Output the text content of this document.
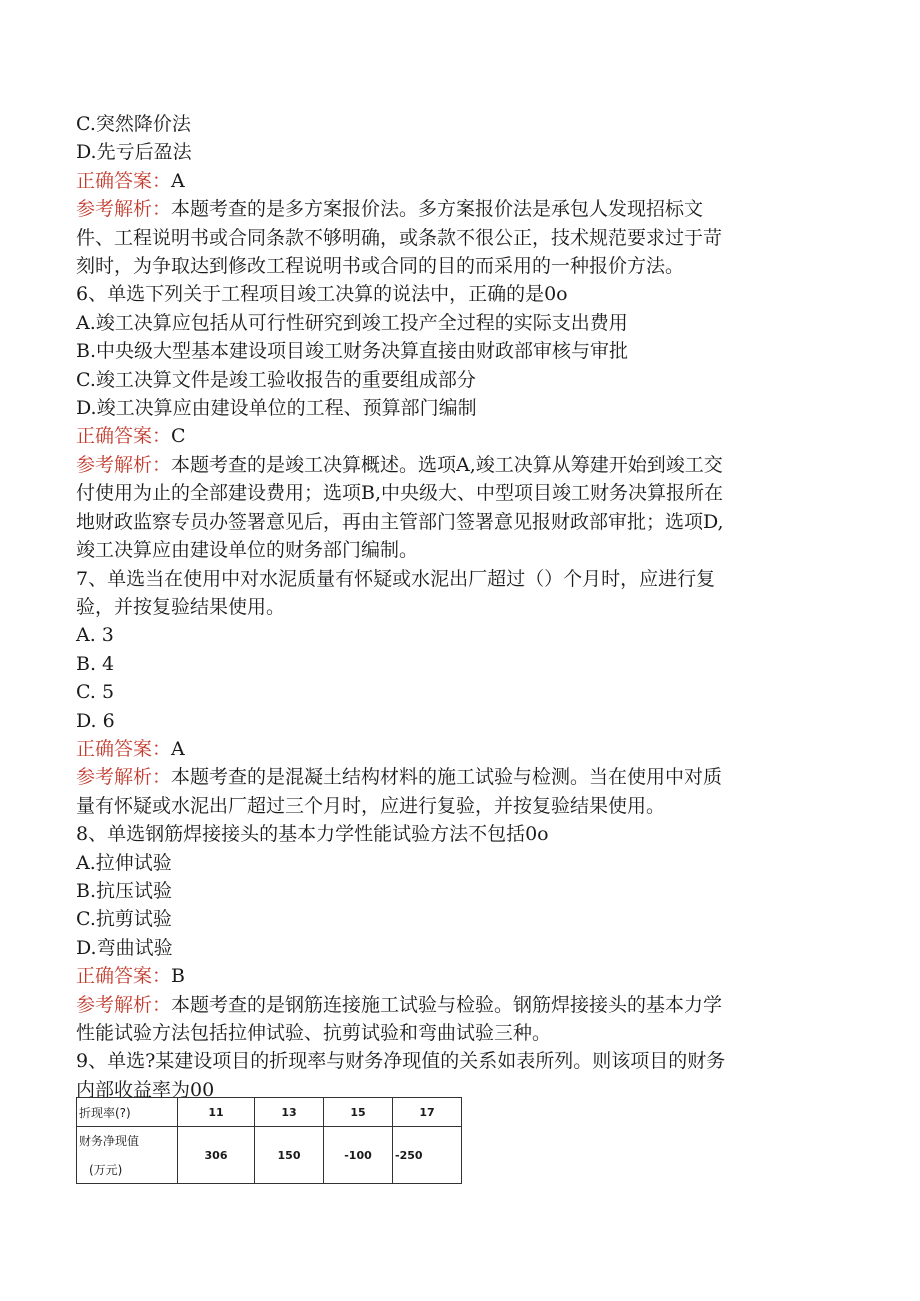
C.突然降价法
D.先亏后盈法
正确答案：A
参考解析：本题考查的是多方案报价法。多方案报价法是承包人发现招标文
件、工程说明书或合同条款不够明确，或条款不很公正，技术规范要求过于苛
刻时，为争取达到修改工程说明书或合同的目的而采用的一种报价方法。
6、单选下列关于工程项目竣工决算的说法中，正确的是0o
A.竣工决算应包括从可行性研究到竣工投产全过程的实际支出费用
B.中央级大型基本建设项目竣工财务决算直接由财政部审核与审批
C.竣工决算文件是竣工验收报告的重要组成部分
D.竣工决算应由建设单位的工程、预算部门编制
正确答案：C
参考解析：本题考查的是竣工决算概述。选项A,竣工决算从筹建开始到竣工交
付使用为止的全部建设费用；选项B,中央级大、中型项目竣工财务决算报所在
地财政监察专员办签署意见后，再由主管部门签署意见报财政部审批；选项D,
竣工决算应由建设单位的财务部门编制。
7、单选当在使用中对水泥质量有怀疑或水泥出厂超过（）个月时，应进行复
验，并按复验结果使用。
A. 3
B. 4
C. 5
D. 6
正确答案：A
参考解析：本题考查的是混凝土结构材料的施工试验与检测。当在使用中对质
量有怀疑或水泥出厂超过三个月时，应进行复验，并按复验结果使用。
8、单选钢筋焊接接头的基本力学性能试验方法不包括0o
A.拉伸试验
B.抗压试验
C.抗剪试验
D.弯曲试验
正确答案：B
参考解析：本题考查的是钢筋连接施工试验与检验。钢筋焊接接头的基本力学
性能试验方法包括拉伸试验、抗剪试验和弯曲试验三种。
9、单选?某建设项目的折现率与财务净现值的关系如表所列。则该项目的财务
内部收益率为00
折现率(?)	11	13	15	17

财务净现值
(万元)	306	150	-100	-250
